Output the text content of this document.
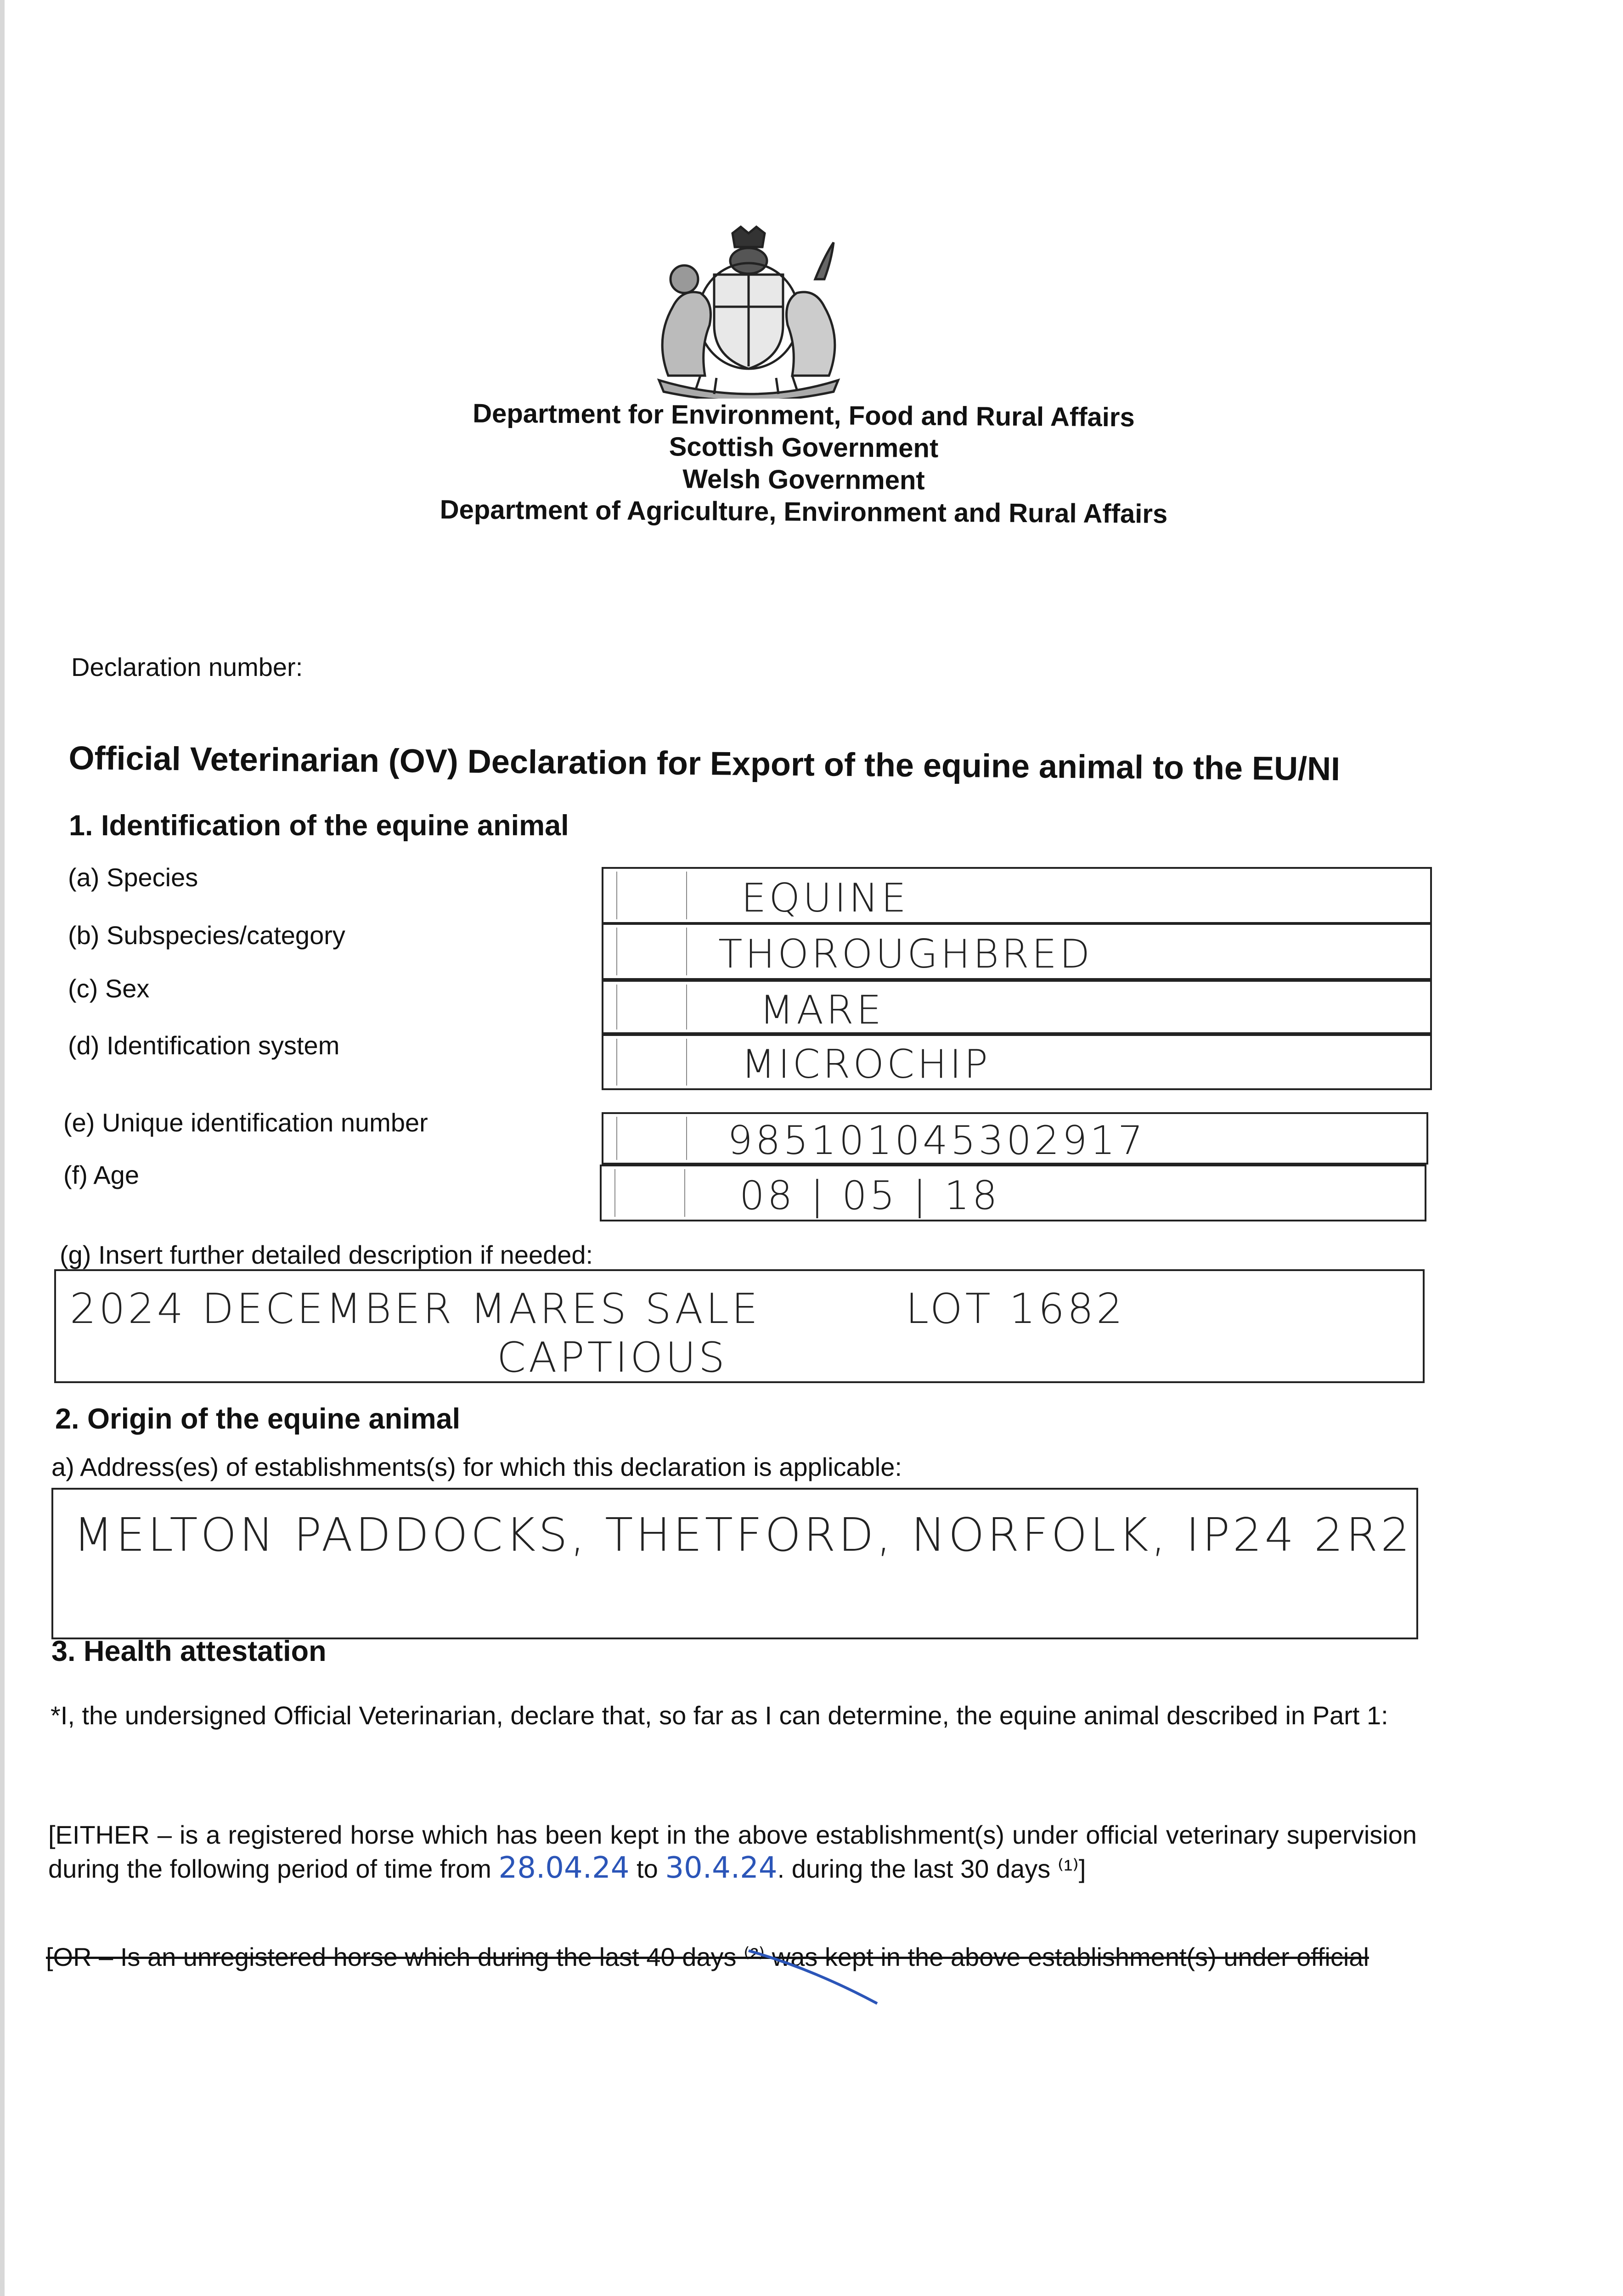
Department for Environment, Food and Rural Affairs
Scottish Government
Welsh Government
Department of Agriculture, Environment and Rural Affairs
Declaration number:
Official Veterinarian (OV) Declaration for Export of the equine animal to the EU/NI
1. Identification of the equine animal
(a) Species	EQUINE
(b) Subspecies/category	THOROUGHBRED
(c) Sex	MARE
(d) Identification system	MICROCHIP
(e) Unique identification number	985101045302917
(f) Age	08 | 05 | 18
(g) Insert further detailed description if needed:
2024 DECEMBER MARES SALE	LOT 1682
CAPTIOUS
2. Origin of the equine animal
a) Address(es) of establishments(s) for which this declaration is applicable:
MELTON PADDOCKS, THETFORD, NORFOLK, IP24 2R2
3. Health attestation
*I, the undersigned Official Veterinarian, declare that, so far as I can determine, the equine animal described in Part 1:
[EITHER – is a registered horse which has been kept in the above establishment(s) under official veterinary supervision during the following period of time from 28.04.24 to 30.4.24. during the last 30 days ⁽¹⁾]
[OR – Is an unregistered horse which during the last 40 days ⁽²⁾ was kept in the above establishment(s) under official
